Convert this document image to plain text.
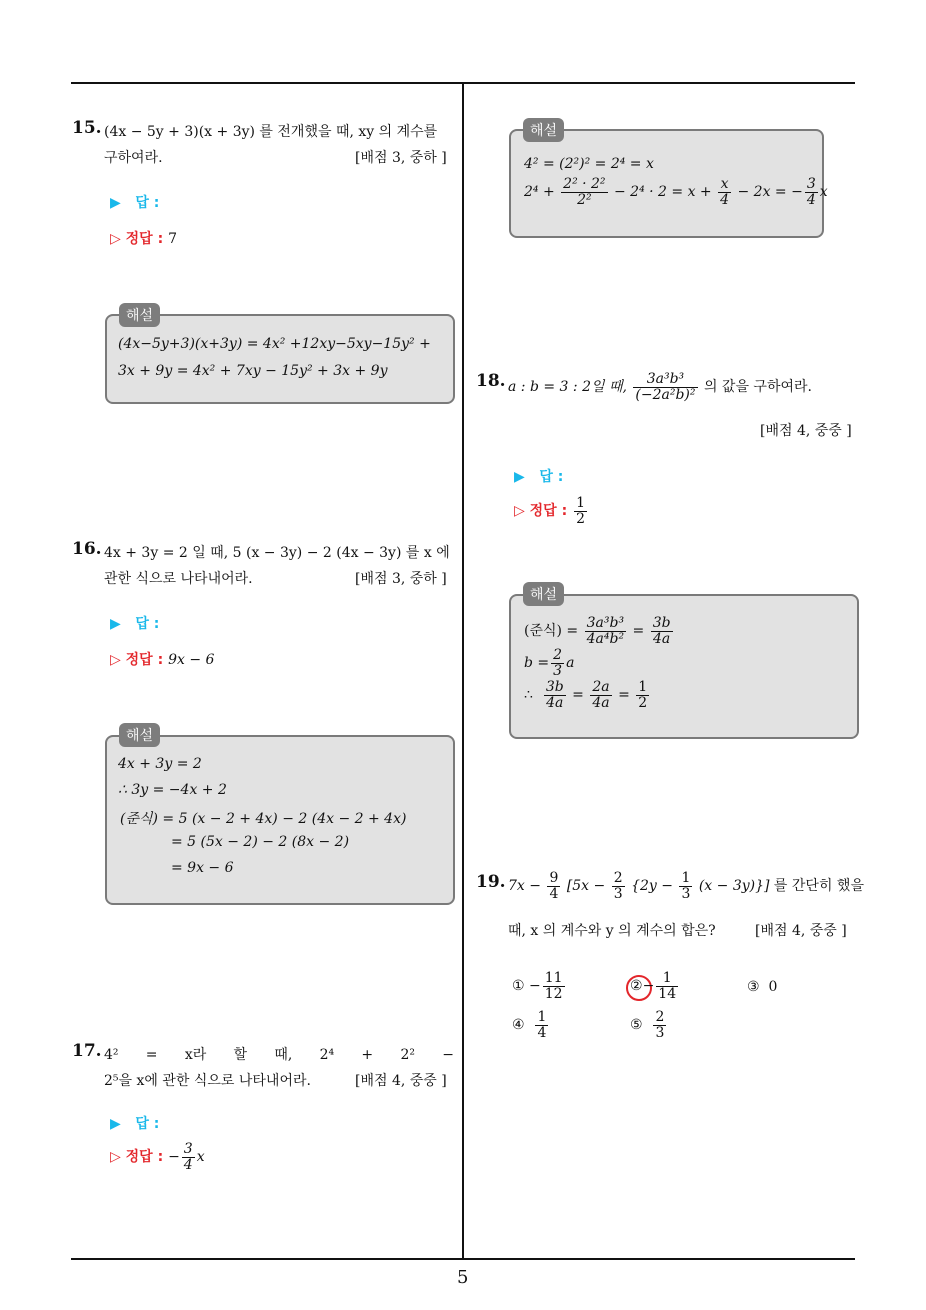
15. (4x − 5y + 3)(x + 3y) 를 전개했을 때, xy 의 계수를
구하여라.	[배점 3, 중하 ]
▶ 답 :
▷ 정답 : 7
해설
(4x−5y+3)(x+3y) = 4x² +12xy−5xy−15y² +
3x + 9y = 4x² + 7xy − 15y² + 3x + 9y
16. 4x + 3y = 2 일 때, 5 (x − 3y) − 2 (4x − 3y) 를 x 에
관한 식으로 나타내어라.	[배점 3, 중하 ]
▶ 답 :
▷ 정답 : 9x − 6
해설
4x + 3y = 2
∴ 3y = −4x + 2
(준식) = 5 (x − 2 + 4x) − 2 (4x − 2 + 4x)
= 5 (5x − 2) − 2 (8x − 2)
= 9x − 6
17. 4² = x라 할 때, 2⁴ + 2² −
2⁵을 x에 관한 식으로 나타내어라.	[배점 4, 중중 ]
▶ 답 :
▷ 정답 : − $\frac{3}{4}$ x
해설
4² = (2²)² = 2⁴ = x
$2^4 + \frac{\text{2² · 2²}}{\text{2²}} - 2^4 \cdot 2 = x + \frac{x}{4} - 2x$ = − $\frac{3}{4}$ x
18. a : b = 3 : 2일 때, $\frac{\text{3a³b³}}{\text{(−2a²b)²}}$ 의 값을 구하여라.
[배점 4, 중중 ]
▶ 답 :
▷ 정답 : $\frac{1}{2}$
해설
(준식) = $\frac{\text{3a³b³}}{\text{4a⁴b²}} = \frac{3b}{4a}$
$b = \frac{2}{3}$ a
∴ $\frac{3b}{4a} = \frac{2a}{4a} = \frac{1}{2}$
19. $7x - \frac{9}{4} [5x - \frac{2}{3} \{2y - \frac{1}{3} (x - 3y)\}]$ 를 간단히 했을
때, x 의 계수와 y 의 계수의 합은?	[배점 4, 중중 ]
① − $\frac{11}{12}$	②− $\frac{1}{14}$	③ 0
④ $\frac{1}{4}$	⑤ $\frac{2}{3}$
5
